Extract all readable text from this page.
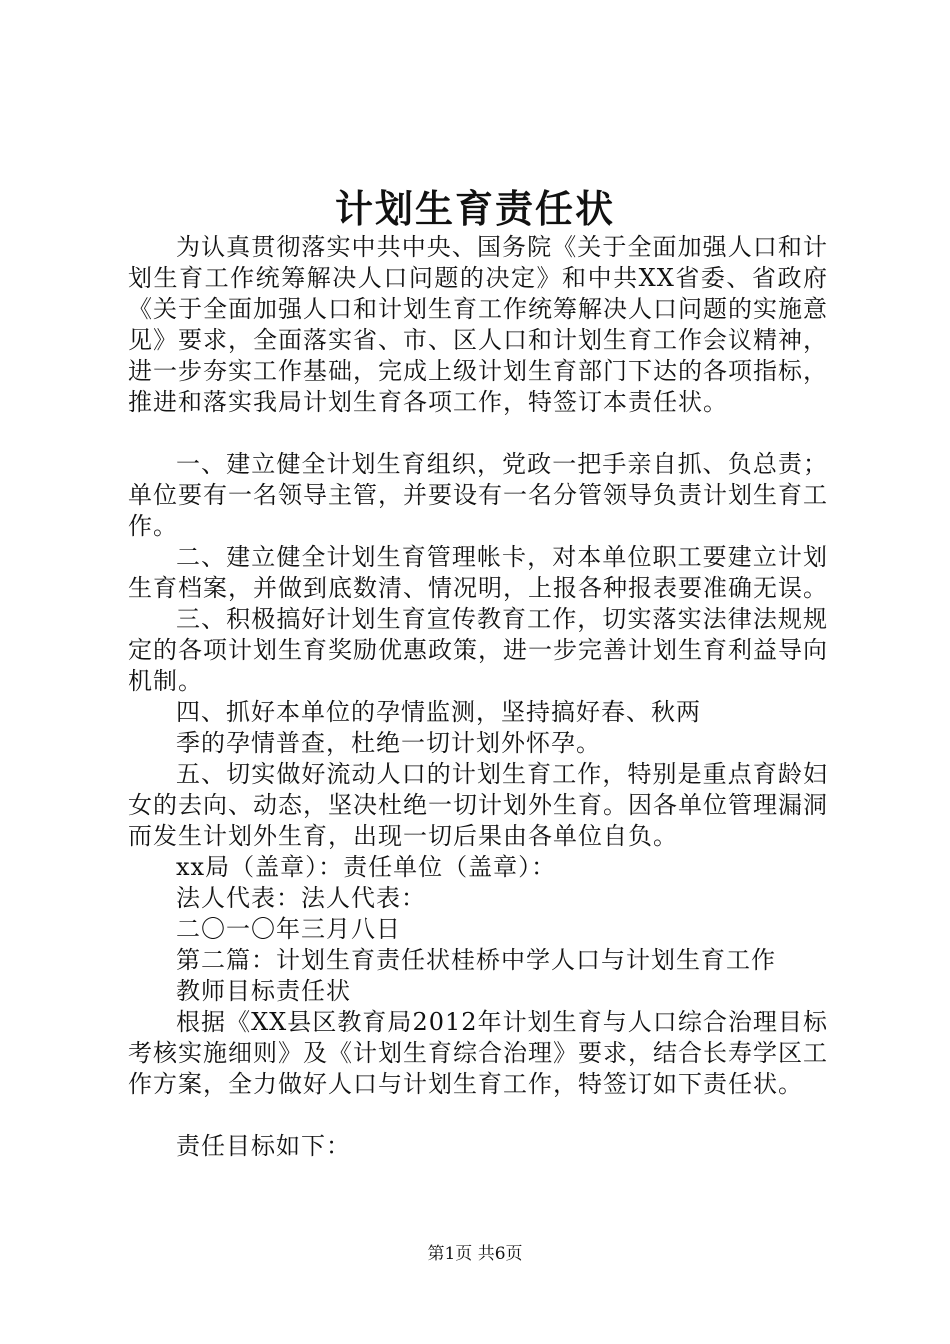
计划生育责任状

为认真贯彻落实中共中央、国务院《关于全面加强人口和计划生育工作统筹解决人口问题的决定》和中共XX省委、省政府《关于全面加强人口和计划生育工作统筹解决人口问题的实施意见》要求，全面落实省、市、区人口和计划生育工作会议精神，进一步夯实工作基础，完成上级计划生育部门下达的各项指标，推进和落实我局计划生育各项工作，特签订本责任状。

一、建立健全计划生育组织，党政一把手亲自抓、负总责；单位要有一名领导主管，并要设有一名分管领导负责计划生育工作。

二、建立健全计划生育管理帐卡，对本单位职工要建立计划生育档案，并做到底数清、情况明，上报各种报表要准确无误。

三、积极搞好计划生育宣传教育工作，切实落实法律法规规定的各项计划生育奖励优惠政策，进一步完善计划生育利益导向机制。

四、抓好本单位的孕情监测，坚持搞好春、秋两

季的孕情普查，杜绝一切计划外怀孕。

五、切实做好流动人口的计划生育工作，特别是重点育龄妇女的去向、动态，坚决杜绝一切计划外生育。因各单位管理漏洞而发生计划外生育，出现一切后果由各单位自负。

xx局（盖章）：责任单位（盖章）：

法人代表：法人代表：

二〇一〇年三月八日

第二篇：计划生育责任状桂桥中学人口与计划生育工作

教师目标责任状

根据《XX县区教育局2012年计划生育与人口综合治理目标考核实施细则》及《计划生育综合治理》要求，结合长寿学区工作方案，全力做好人口与计划生育工作，特签订如下责任状。

责任目标如下：

第1页 共6页
